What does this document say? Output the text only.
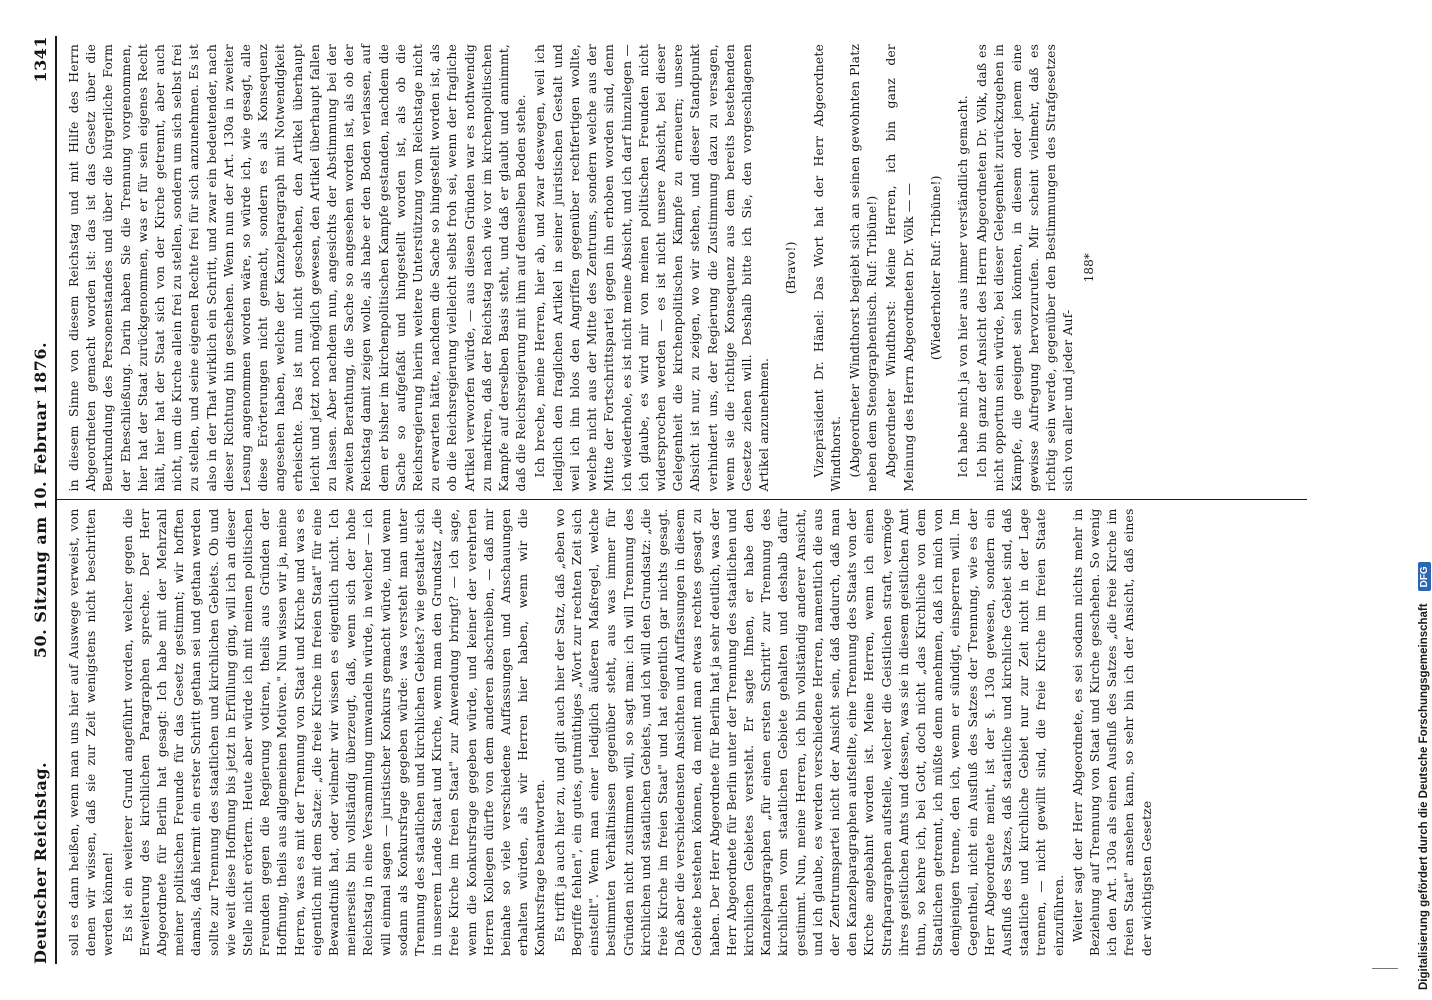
Deutscher Reichstag.
50. Sitzung am 10. Februar 1876.
1341

soll es dann heißen, wenn man uns hier auf Auswege verweist, von denen wir wissen, daß sie zur Zeit wenigstens nicht beschritten werden können! Es ist ein weiterer Grund angeführt worden, welcher gegen die Erweiterung des kirchlichen Paragraphen spreche. Der Herr Abgeordnete für Berlin hat gesagt: Ich habe mit der Mehrzahl meiner politischen Freunde für das Gesetz gestimmt; wir hofften damals, daß hiermit ein erster Schritt gethan sei und gethan werden sollte zur Trennung des staatlichen und kirchlichen Gebiets. Ob und wie weit diese Hoffnung bis jetzt in Erfüllung ging, will ich an dieser Stelle nicht erörtern. Heute aber würde ich mit meinen politischen Freunden gegen die Regierung votiren, theils aus Gründen der Hoffnung, theils aus allgemeinen Motiven." Nun wissen wir ja, meine Herren, was es mit der Trennung von Staat und Kirche und was es eigentlich mit dem Satze: „die freie Kirche im freien Staat" für eine Bewandtniß hat, oder vielmehr wir wissen es eigentlich nicht. Ich meinerseits bin vollständig überzeugt, daß, wenn sich der hohe Reichstag in eine Versammlung umwandeln würde, in welcher — ich will einmal sagen — juristischer Konkurs gemacht würde, und wenn sodann als Konkursfrage gegeben würde: was versteht man unter Trennung des staatlichen und kirchlichen Gebiets? wie gestaltet sich in unserem Lande Staat und Kirche, wenn man den Grundsatz „die freie Kirche im freien Staat" zur Anwendung bringt? — ich sage, wenn die Konkursfrage gegeben würde, und keiner der verehrten Herren Kollegen dürfte von dem anderen abschreiben, — daß mir beinahe so viele verschiedene Auffassungen und Anschauungen erhalten würden, als wir Herren hier haben, wenn wir die Konkursfrage beantworten. Es trifft ja auch hier zu, und gilt auch hier der Satz, daß „eben wo Begriffe fehlen", ein gutes, gutmüthiges „Wort zur rechten Zeit sich einstellt". Wenn man einer lediglich äußeren Maßregel, welche bestimmten Verhältnissen gegenüber steht, aus was immer für Gründen nicht zustimmen will, so sagt man: ich will Trennung des kirchlichen und staatlichen Gebiets, und ich will den Grundsatz: „die freie Kirche im freien Staat" und hat eigentlich gar nichts gesagt. Daß aber die verschiedensten Ansichten und Auffassungen in diesem Gebiete bestehen können, da meint man etwas rechtes gesagt zu haben. Der Herr Abgeordnete für Berlin hat ja sehr deutlich, was der Herr Abgeordnete für Berlin unter der Trennung des staatlichen und kirchlichen Gebietes versteht. Er sagte Ihnen, er habe den Kanzelparagraphen „für einen ersten Schritt" zur Trennung des kirchlichen vom staatlichen Gebiete gehalten und deshalb dafür gestimmt. Nun, meine Herren, ich bin vollständig anderer Ansicht, und ich glaube, es werden verschiedene Herren, namentlich die aus der Zentrumspartei nicht der Ansicht sein, daß dadurch, daß man den Kanzelparagraphen aufstellte, eine Trennung des Staats von der Kirche angebahnt worden ist. Meine Herren, wenn ich einen Strafparagraphen aufstelle, welcher die Geistlichen straft, vermöge ihres geistlichen Amts und dessen, was sie in diesem geistlichen Amt thun, so kehre ich, bei Gott, doch nicht „das Kirchliche von dem Staatlichen getrennt, ich müßte denn annehmen, daß ich mich von demjenigen trenne, den ich, wenn er sündigt, einsperren will. Im Gegentheil, nicht ein Ausfluß des Satzes der Trennung, wie es der Herr Abgeordnete meint, ist der §. 130a gewesen, sondern ein Ausfluß des Satzes, daß staatliche und kirchliche Gebiet sind, daß staatliche und kirchliche Gebiet nur zur Zeit nicht in der Lage trennen, — nicht gewillt sind, die freie Kirche im freien Staate einzuführen. Weiter sagt der Herr Abgeordnete, es sei sodann nichts mehr in Beziehung auf Trennung von Staat und Kirche geschehen. So wenig ich den Art. 130a als einen Ausfluß des Satzes „die freie Kirche im freien Staat" ansehen kann, so sehr bin ich der Ansicht, daß eines der wichtigsten Gesetze

in diesem Sinne von diesem Reichstag und mit Hilfe des Herrn Abgeordneten gemacht worden ist: das ist das Gesetz über die Beurkundung des Personenstandes und über die bürgerliche Form der Eheschließung. Darin haben Sie die Trennung vorgenommen, hier hat der Staat zurückgenommen, was er für sein eigenes Recht hält, hier hat der Staat sich von der Kirche getrennt, aber auch nicht, um die Kirche allein frei zu stellen, sondern um sich selbst frei zu stellen, und seine eigenen Rechte frei für sich anzunehmen. Es ist also in der That wirklich ein Schritt, und zwar ein bedeutender, nach dieser Richtung hin geschehen. Wenn nun der Art. 130a in zweiter Lesung angenommen worden wäre, so würde ich, wie gesagt, alle diese Erörterungen nicht gemacht, sondern es als Konsequenz angesehen haben, welche der Kanzelparagraph mit Notwendigkeit erheischte. Das ist nun nicht geschehen, den Artikel überhaupt leicht und jetzt noch möglich gewesen, den Artikel überhaupt fallen zu lassen. Aber nachdem nun, angesichts der Abstimmung bei der zweiten Berathung, die Sache so angesehen worden ist, als ob der Reichstag damit zeigen wolle, als habe er den Boden verlassen, auf dem er bisher im kirchenpolitischen Kampfe gestanden, nachdem die Sache so aufgefaßt und hingestellt worden ist, als ob die Reichsregierung hierin weitere Unterstützung vom Reichstage nicht zu erwarten hätte, nachdem die Sache so hingestellt worden ist, als ob die Reichsregierung vielleicht selbst froh sei, wenn der fragliche Artikel verworfen würde, — aus diesen Gründen war es nothwendig zu markiren, daß der Reichstag nach wie vor im kirchenpolitischen Kampfe auf derselben Basis steht, und daß er glaubt und annimmt, daß die Reichsregierung mit ihm auf demselben Boden stehe. Ich breche, meine Herren, hier ab, und zwar deswegen, weil ich lediglich den fraglichen Artikel in seiner juristischen Gestalt und weil ich ihn blos den Angriffen gegenüber rechtfertigen wollte, welche nicht aus der Mitte des Zentrums, sondern welche aus der Mitte der Fortschrittspartei gegen ihn erhoben worden sind, denn ich wiederhole, es ist nicht meine Absicht, und ich darf hinzulegen — ich glaube, es wird mir von meinen politischen Freunden nicht widersprochen werden — es ist nicht unsere Absicht, bei dieser Gelegenheit die kirchenpolitischen Kämpfe zu erneuern; unsere Absicht ist nur, zu zeigen, wo wir stehen, und dieser Standpunkt verhindert uns, der Regierung die Zustimmung dazu zu versagen, wenn sie die richtige Konsequenz aus dem bereits bestehenden Gesetze ziehen will. Deshalb bitte ich Sie, den vorgeschlagenen Artikel anzunehmen.

(Bravo!) Vizepräsident Dr. Hänel: Das Wort hat der Herr Abgeordnete Windthorst. (Abgeordneter Windthorst begiebt sich an seinen gewohnten Platz neben dem Stenographentisch. Ruf: Tribüne!) Abgeordneter Windthorst: Meine Herren, ich bin ganz der Meinung des Herrn Abgeordneten Dr. Völk — — (Wiederholter Ruf: Tribüne!) Ich habe mich ja von hier aus immer verständlich gemacht. Ich bin ganz der Ansicht des Herrn Abgeordneten Dr. Völk, daß es nicht opportun sein würde, bei dieser Gelegenheit zurückzugehen in Kämpfe, die geeignet sein könnten, in diesem oder jenem eine gewisse Aufregung hervorzurufen. Mir scheint vielmehr, daß es richtig sein werde, gegenüber den Bestimmungen des Strafgesetzes sich von aller und jeder Auf-

188*
Digitalisierung gefördert durch die Deutsche Forschungsgemeinschaft
DFG
